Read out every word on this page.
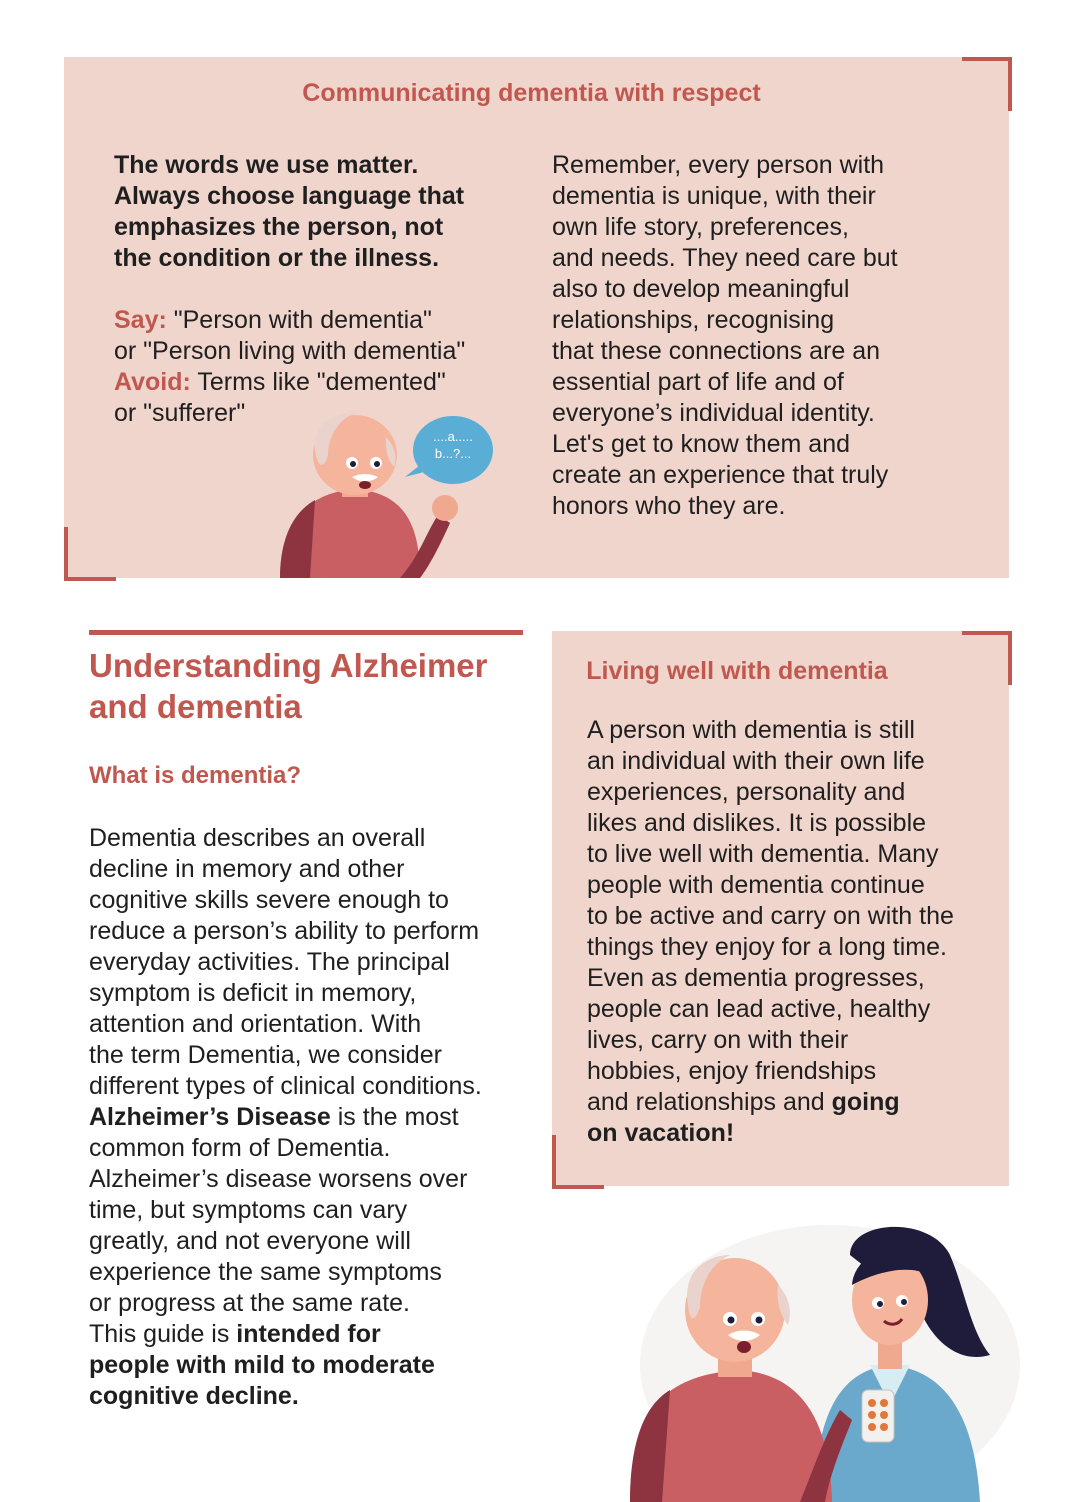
Communicating dementia with respect

The words we use matter.
Always choose language that
emphasizes the person, not
the condition or the illness.

Say: "Person with dementia"
or "Person living with dementia"
Avoid: Terms like "demented"
or "sufferer"

Remember, every person with
dementia is unique, with their
own life story, preferences,
and needs. They need care but
also to develop meaningful
relationships, recognising
that these connections are an
essential part of life and of
everyone’s individual identity.
Let's get to know them and
create an experience that truly
honors who they are.

....a.....
b...?...
Understanding Alzheimer
and dementia
What is dementia?

Dementia describes an overall
decline in memory and other
cognitive skills severe enough to
reduce a person’s ability to perform
everyday activities. The principal
symptom is deficit in memory,
attention and orientation. With
the term Dementia, we consider
different types of clinical conditions.
Alzheimer’s Disease is the most
common form of Dementia.
Alzheimer’s disease worsens over
time, but symptoms can vary
greatly, and not everyone will
experience the same symptoms
or progress at the same rate.
This guide is intended for
people with mild to moderate
cognitive decline.

Living well with dementia

A person with dementia is still
an individual with their own life
experiences, personality and
likes and dislikes. It is possible
to live well with dementia. Many
people with dementia continue
to be active and carry on with the
things they enjoy for a long time.
Even as dementia progresses,
people can lead active, healthy
lives, carry on with their
hobbies, enjoy friendships
and relationships and going
on vacation!
